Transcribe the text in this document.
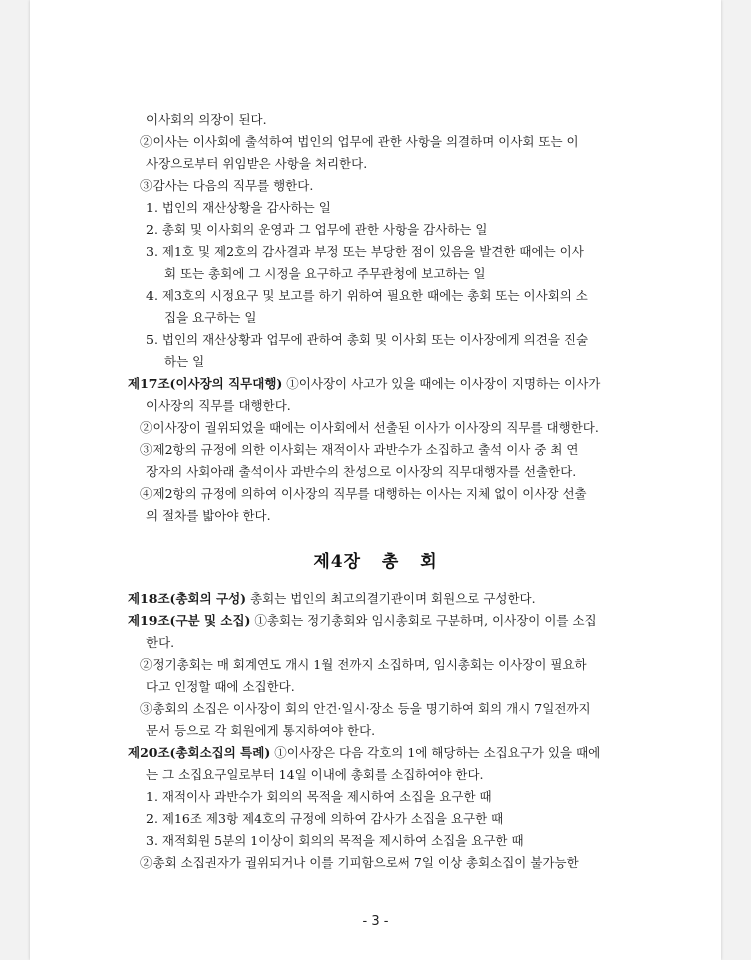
이사회의 의장이 된다.
②이사는 이사회에 출석하여 법인의 업무에 관한 사항을 의결하며 이사회 또는 이
사장으로부터 위임받은 사항을 처리한다.
③감사는 다음의 직무를 행한다.
1. 법인의 재산상황을 감사하는 일
2. 총회 및 이사회의 운영과 그 업무에 관한 사항을 감사하는 일
3. 제1호 및 제2호의 감사결과 부정 또는 부당한 점이 있음을 발견한 때에는 이사
회 또는 총회에 그 시정을 요구하고 주무관청에 보고하는 일
4. 제3호의 시정요구 및 보고를 하기 위하여 필요한 때에는 총회 또는 이사회의 소
집을 요구하는 일
5. 법인의 재산상황과 업무에 관하여 총회 및 이사회 또는 이사장에게 의견을 진술
하는 일
제17조(이사장의 직무대행) ①이사장이 사고가 있을 때에는 이사장이 지명하는 이사가
이사장의 직무를 대행한다.
②이사장이 궐위되었을 때에는 이사회에서 선출된 이사가 이사장의 직무를 대행한다.
③제2항의 규정에 의한 이사회는 재적이사 과반수가 소집하고 출석 이사 중 최 연
장자의 사회아래 출석이사 과반수의 찬성으로 이사장의 직무대행자를 선출한다.
④제2항의 규정에 의하여 이사장의 직무를 대행하는 이사는 지체 없이 이사장 선출
의 절차를 밟아야 한다.
제4장 총 회
제18조(총회의 구성) 총회는 법인의 최고의결기관이며 회원으로 구성한다.
제19조(구분 및 소집) ①총회는 정기총회와 임시총회로 구분하며, 이사장이 이를 소집
한다.
②정기총회는 매 회계연도 개시 1월 전까지 소집하며, 임시총회는 이사장이 필요하
다고 인정할 때에 소집한다.
③총회의 소집은 이사장이 회의 안건·일시·장소 등을 명기하여 회의 개시 7일전까지
문서 등으로 각 회원에게 통지하여야 한다.
제20조(총회소집의 특례) ①이사장은 다음 각호의 1에 해당하는 소집요구가 있을 때에
는 그 소집요구일로부터 14일 이내에 총회를 소집하여야 한다.
1. 재적이사 과반수가 회의의 목적을 제시하여 소집을 요구한 때
2. 제16조 제3항 제4호의 규정에 의하여 감사가 소집을 요구한 때
3. 재적회원 5분의 1이상이 회의의 목적을 제시하여 소집을 요구한 때
②총회 소집권자가 궐위되거나 이를 기피함으로써 7일 이상 총회소집이 불가능한
- 3 -
